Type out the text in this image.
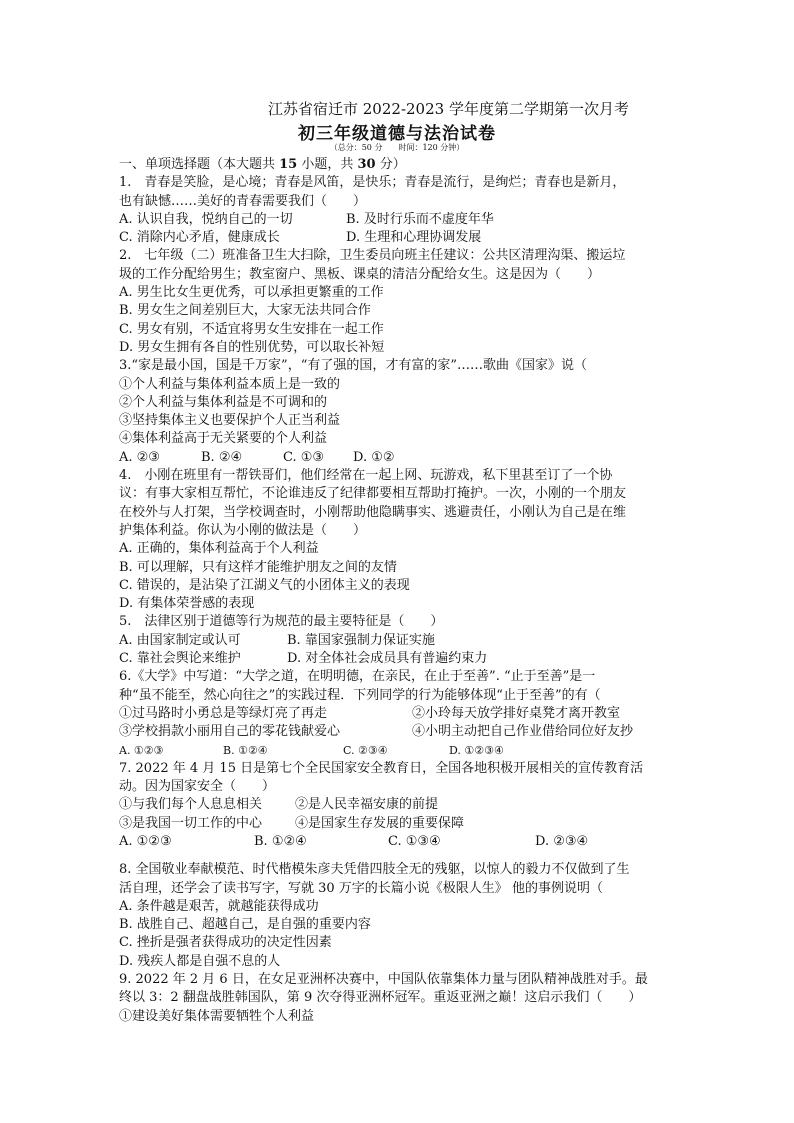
江苏省宿迁市 2022-2023 学年度第二学期第一次月考
初三年级道德与法治试卷
（总分：50 分　　时间：120 分钟）
一、单项选择题（本大题共 15 小题，共 30 分）
1.　青春是笑脸，是心境；青春是风笛，是快乐；青春是流行，是绚烂；青春也是新月，
也有缺憾……美好的青春需要我们（　　）
A. 认识自我，悦纳自己的一切	B. 及时行乐而不虚度年华
C. 消除内心矛盾，健康成长	D. 生理和心理协调发展
2.　七年级（二）班准备卫生大扫除，卫生委员向班主任建议：公共区清理沟渠、搬运垃
圾的工作分配给男生；教室窗户、黑板、课桌的清洁分配给女生。这是因为（　　）
A. 男生比女生更优秀，可以承担更繁重的工作
B. 男女生之间差别巨大，大家无法共同合作
C. 男女有别，不适宜将男女生安排在一起工作
D. 男女生拥有各自的性别优势，可以取长补短
3.“家是最小国，国是千万家”，“有了强的国，才有富的家”……歌曲《国家》说（
①个人利益与集体利益本质上是一致的
②个人利益与集体利益是不可调和的
③坚持集体主义也要保护个人正当利益
④集体利益高于无关紧要的个人利益
A. ②③	B. ②④	C. ①③ D. ①②
4.　小刚在班里有一帮铁哥们，他们经常在一起上网、玩游戏，私下里甚至订了一个协
议：有事大家相互帮忙，不论谁违反了纪律都要相互帮助打掩护。一次，小刚的一个朋友
在校外与人打架，当学校调查时，小刚帮助他隐瞒事实、逃避责任，小刚认为自己是在维
护集体利益。你认为小刚的做法是（　　）
A. 正确的，集体利益高于个人利益
B. 可以理解，只有这样才能维护朋友之间的友情
C. 错误的，是沾染了江湖义气的小团体主义的表现
D. 有集体荣誉感的表现
5.　法律区别于道德等行为规范的最主要特征是（　　）
A. 由国家制定或认可	B. 靠国家强制力保证实施
C. 靠社会舆论来维护	D. 对全体社会成员具有普遍约束力
6.《大学》中写道：“大学之道，在明明德，在亲民，在止于至善”. “止于至善”是一
种“虽不能至，然心向往之”的实践过程．下列同学的行为能够体现“止于至善”的有（
①过马路时小勇总是等绿灯亮了再走	②小玲每天放学排好桌凳才离开教室
③学校捐款小丽用自己的零花钱献爱心	④小明主动把自己作业借给同位好友抄
A. ①②③	B. ①②④	C. ②③④	D. ①②③④
7. 2022 年 4 月 15 日是第七个全民国家安全教育日，全国各地积极开展相关的宣传教育活
动。因为国家安全（　　）
①与我们每个人息息相关	②是人民幸福安康的前提
③是我国一切工作的中心	④是国家生存发展的重要保障
A. ①②③	B. ①②④	C. ①③④	D. ②③④
8. 全国敬业奉献模范、时代楷模朱彦夫凭借四肢全无的残躯，以惊人的毅力不仅做到了生
活自理，还学会了读书写字，写就 30 万字的长篇小说《极限人生》 他的事例说明（
A. 条件越是艰苦，就越能获得成功
B. 战胜自己、超越自己，是自强的重要内容
C. 挫折是强者获得成功的决定性因素
D. 残疾人都是自强不息的人
9. 2022 年 2 月 6 日，在女足亚洲杯决赛中，中国队依靠集体力量与团队精神战胜对手。最
终以 3：2 翻盘战胜韩国队，第 9 次夺得亚洲杯冠军。重返亚洲之巅！这启示我们（　　）
①建设美好集体需要牺牲个人利益
